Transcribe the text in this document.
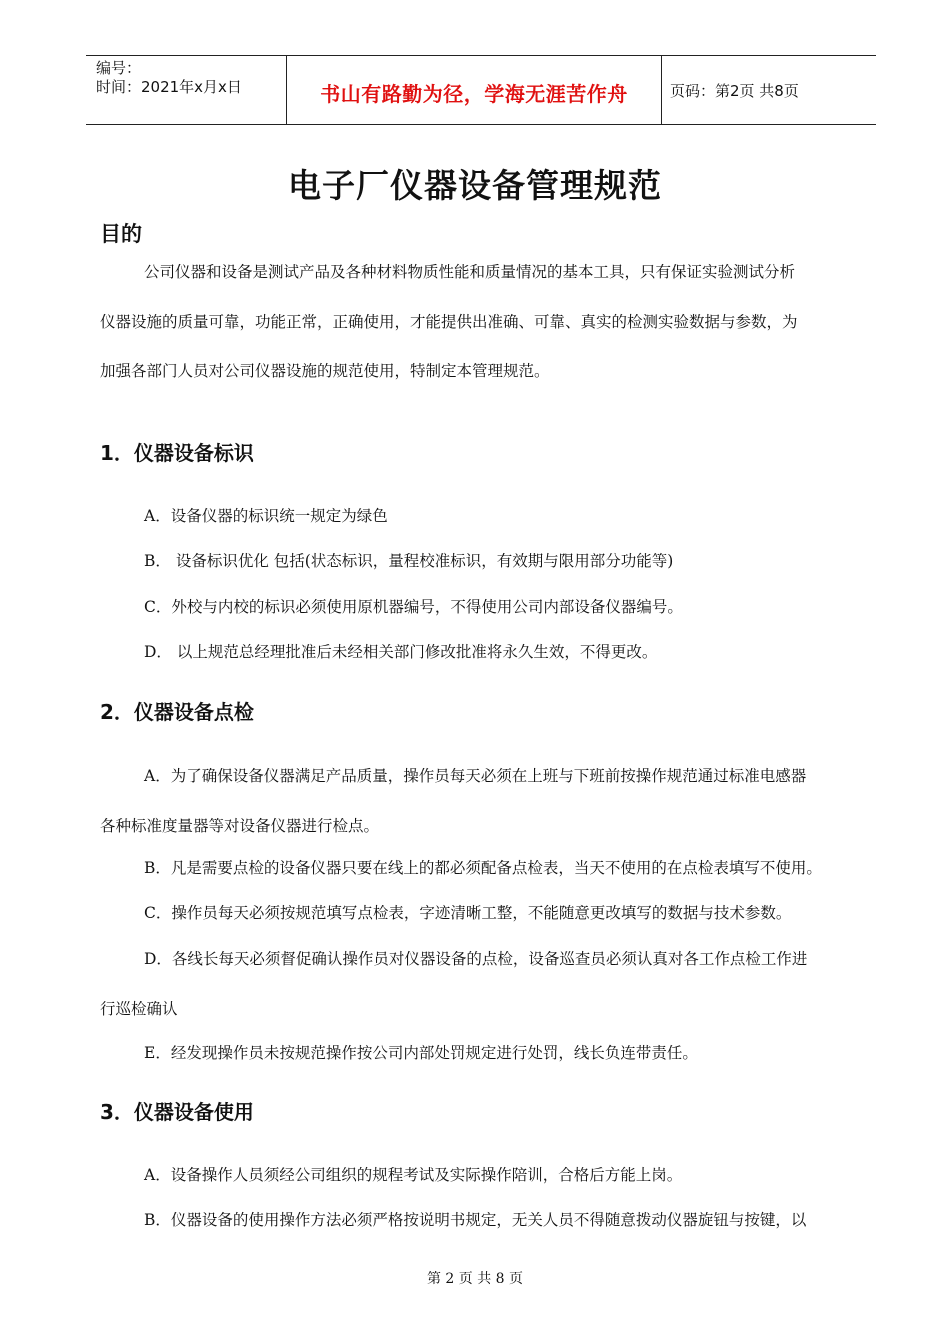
编号：
时间：2021年x月x日	书山有路勤为径，学海无涯苦作舟	页码：第2页 共8页
电子厂仪器设备管理规范
目的
公司仪器和设备是测试产品及各种材料物质性能和质量情况的基本工具，只有保证实验测试分析
仪器设施的质量可靠，功能正常，正确使用，才能提供出准确、可靠、真实的检测实验数据与参数，为
加强各部门人员对公司仪器设施的规范使用，特制定本管理规范。
1．仪器设备标识
A．设备仪器的标识统一规定为绿色
B． 设备标识优化 包括(状态标识，量程校准标识，有效期与限用部分功能等)
C．外校与内校的标识必须使用原机器编号，不得使用公司内部设备仪器编号。
D． 以上规范总经理批准后未经相关部门修改批准将永久生效，不得更改。
2．仪器设备点检
A．为了确保设备仪器满足产品质量，操作员每天必须在上班与下班前按操作规范通过标准电感器
各种标准度量器等对设备仪器进行检点。
B．凡是需要点检的设备仪器只要在线上的都必须配备点检表，当天不使用的在点检表填写不使用。
C．操作员每天必须按规范填写点检表，字迹清晰工整，不能随意更改填写的数据与技术参数。
D．各线长每天必须督促确认操作员对仪器设备的点检，设备巡查员必须认真对各工作点检工作进
行巡检确认
E．经发现操作员未按规范操作按公司内部处罚规定进行处罚，线长负连带责任。
3．仪器设备使用
A．设备操作人员须经公司组织的规程考试及实际操作陪训，合格后方能上岗。
B．仪器设备的使用操作方法必须严格按说明书规定，无关人员不得随意拨动仪器旋钮与按键，以
第 2 页 共 8 页
